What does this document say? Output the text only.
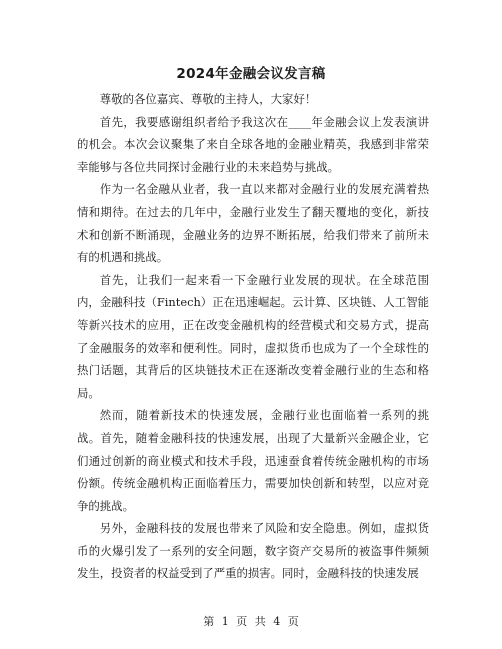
2024年金融会议发言稿

尊敬的各位嘉宾、尊敬的主持人，大家好！

首先，我要感谢组织者给予我这次在____年金融会议上发表演讲的机会。本次会议聚集了来自全球各地的金融业精英，我感到非常荣幸能够与各位共同探讨金融行业的未来趋势与挑战。

作为一名金融从业者，我一直以来都对金融行业的发展充满着热情和期待。在过去的几年中，金融行业发生了翻天覆地的变化，新技术和创新不断涌现，金融业务的边界不断拓展，给我们带来了前所未有的机遇和挑战。

首先，让我们一起来看一下金融行业发展的现状。在全球范围内，金融科技（Fintech）正在迅速崛起。云计算、区块链、人工智能等新兴技术的应用，正在改变金融机构的经营模式和交易方式，提高了金融服务的效率和便利性。同时，虚拟货币也成为了一个全球性的热门话题，其背后的区块链技术正在逐渐改变着金融行业的生态和格局。

然而，随着新技术的快速发展，金融行业也面临着一系列的挑战。首先，随着金融科技的快速发展，出现了大量新兴金融企业，它们通过创新的商业模式和技术手段，迅速蚕食着传统金融机构的市场份额。传统金融机构正面临着压力，需要加快创新和转型，以应对竞争的挑战。

另外，金融科技的发展也带来了风险和安全隐患。例如，虚拟货币的火爆引发了一系列的安全问题，数字资产交易所的被盗事件频频发生，投资者的权益受到了严重的损害。同时，金融科技的快速发展

第 1 页 共 4 页
